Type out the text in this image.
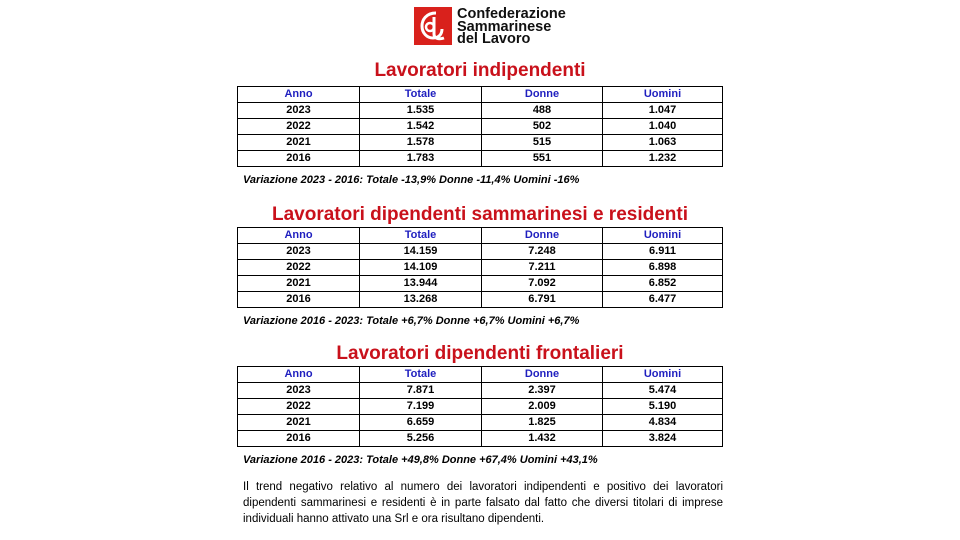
Confederazione
Sammarinese
del Lavoro
Lavoratori indipendenti
Anno	Totale	Donne	Uomini
2023	1.535	488	1.047
2022	1.542	502	1.040
2021	1.578	515	1.063
2016	1.783	551	1.232
Variazione 2023 - 2016: Totale -13,9% Donne -11,4% Uomini -16%
Lavoratori dipendenti sammarinesi e residenti
Anno	Totale	Donne	Uomini
2023	14.159	7.248	6.911
2022	14.109	7.211	6.898
2021	13.944	7.092	6.852
2016	13.268	6.791	6.477
Variazione 2016 - 2023: Totale +6,7% Donne +6,7% Uomini +6,7%
Lavoratori dipendenti frontalieri
Anno	Totale	Donne	Uomini
2023	7.871	2.397	5.474
2022	7.199	2.009	5.190
2021	6.659	1.825	4.834
2016	5.256	1.432	3.824
Variazione 2016 - 2023: Totale +49,8% Donne +67,4% Uomini +43,1%
Il trend negativo relativo al numero dei lavoratori indipendenti e positivo dei lavoratori dipendenti sammarinesi e residenti è in parte falsato dal fatto che diversi titolari di imprese individuali hanno attivato una Srl e ora risultano dipendenti.
